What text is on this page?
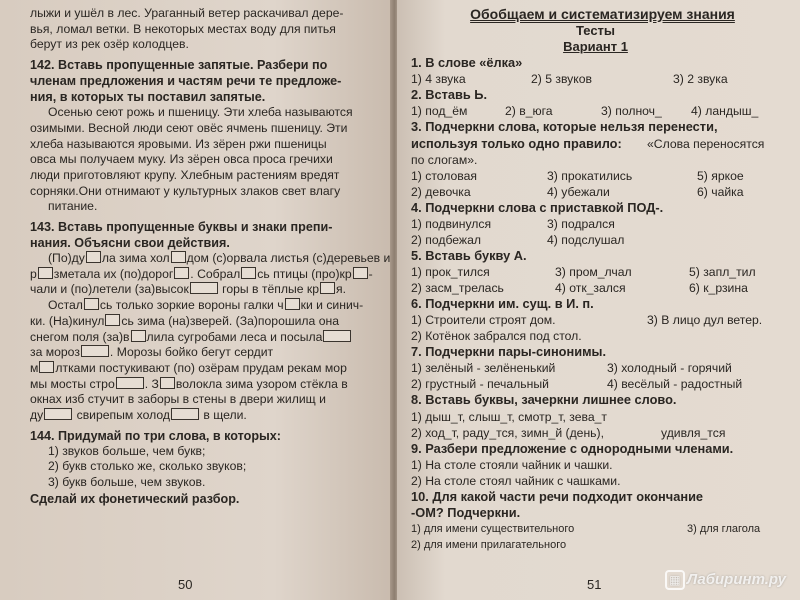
лыжи и ушёл в лес. Ураганный ветер раскачивал дере-
вья, ломал ветки. В некоторых местах воду для питья
берут из рек озёр колодцев.
142. Вставь пропущенные запятые. Разбери по
членам предложения и частям речи те предложе-
ния, в которых ты поставил запятые.
Осенью сеют рожь и пшеницу. Эти хлеба называются
озимыми. Весной люди сеют овёс ячмень пшеницу. Эти
хлеба называются яровыми. Из зёрен ржи пшеницы
овса мы получаем муку. Из зёрен овса проса гречихи
люди приготовляют крупу. Хлебным растениям вредят
сорняки.Они отнимают у культурных злаков свет влагу
питание.
143. Вставь пропущенные буквы и знаки препи-
нания. Объясни свои действия.
(По)ду ла зима хол дом (с)орвала листья (с)деревьев и
р зметала их (по)дорог . Собрал сь птицы (про)кр -
чали и (по)летели (за)высок горы в тёплые кр я.
Остал сь только зоркие вороны галки ч ки и синич-
ки. (На)кинул сь зима (на)зверей. (За)порошила она
снегом поля (за)в лила сугробами леса и посыла
за мороз . Морозы бойко бегут сердит
м лтками постукивают (по) озёрам прудам рекам мор
мы мосты стро . З волокла зима узором стёкла в
окнах изб стучит в заборы в стены в двери жилищ и
ду свирепым холод в щели.
144. Придумай по три слова, в которых:
1) звуков больше, чем букв;
2) букв столько же, сколько звуков;
3) букв больше, чем звуков.
Сделай их фонетический разбор.
50
Обобщаем и систематизируем знания
Тесты
Вариант 1
1. В слове «ёлка»
1) 4 звука	2) 5 звуков	3) 2 звука
2. Вставь Ь.
1) под_ём	2) в_юга	3) полноч_ 4) ландыш_
3. Подчеркни слова, которые нельзя перенести,
используя только одно правило: «Слова переносятся
по слогам».
1) столовая	3) прокатились	5) яркое
2) девочка	4) убежали	6) чайка
4. Подчеркни слова с приставкой ПОД-.
1) подвинулся	3) подрался
2) подбежал	4) подслушал
5. Вставь букву А.
1) прок_тился	3) пром_лчал	5) запл_тил
2) засм_трелась	4) отк_зался	6) к_рзина
6. Подчеркни им. сущ. в И. п.
1) Строители строят дом.	3) В лицо дул ветер.
2) Котёнок забрался под стол.
7. Подчеркни пары-синонимы.
1) зелёный - зелёненький	3) холодный - горячий
2) грустный - печальный	4) весёлый - радостный
8. Вставь буквы, зачеркни лишнее слово.
1) дыш_т, слыш_т, смотр_т, зева_т
2) ход_т, раду_тся, зимн_й (день),	удивля_тся
9. Разбери предложение с однородными членами.
1) На столе стояли чайник и чашки.
2) На столе стоял чайник с чашками.
10. Для какой части речи подходит окончание
-ОМ? Подчеркни.
1) для имени существительного	3) для глагола
2) для имени прилагательного
51	▦ Лабиринт.ру
